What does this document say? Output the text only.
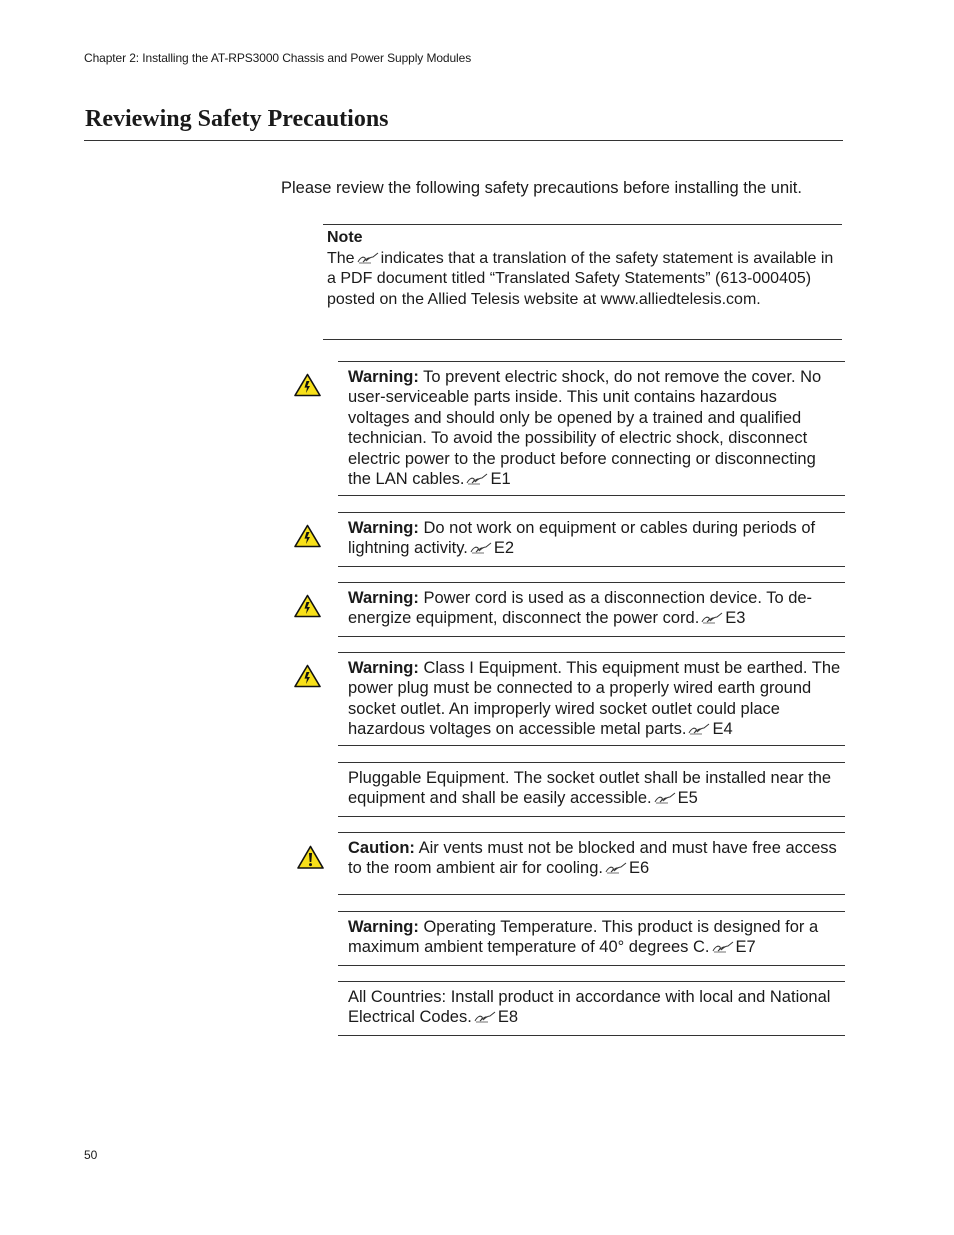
Chapter 2: Installing the AT-RPS3000 Chassis and Power Supply Modules
Reviewing Safety Precautions
Please review the following safety precautions before installing the unit.
Note
The indicates that a translation of the safety statement is available in a PDF document titled “Translated Safety Statements” (613-000405) posted on the Allied Telesis website at www.alliedtelesis.com.
Warning: To prevent electric shock, do not remove the cover. No user-serviceable parts inside. This unit contains hazardous voltages and should only be opened by a trained and qualified technician. To avoid the possibility of electric shock, disconnect electric power to the product before connecting or disconnecting the LAN cables. E1
Warning: Do not work on equipment or cables during periods of lightning activity. E2
Warning: Power cord is used as a disconnection device. To de-energize equipment, disconnect the power cord. E3
Warning: Class I Equipment. This equipment must be earthed. The power plug must be connected to a properly wired earth ground socket outlet. An improperly wired socket outlet could place hazardous voltages on accessible metal parts. E4
Pluggable Equipment. The socket outlet shall be installed near the equipment and shall be easily accessible. E5
Caution: Air vents must not be blocked and must have free access to the room ambient air for cooling. E6
Warning: Operating Temperature. This product is designed for a maximum ambient temperature of 40° degrees C. E7
All Countries: Install product in accordance with local and National Electrical Codes. E8
50
